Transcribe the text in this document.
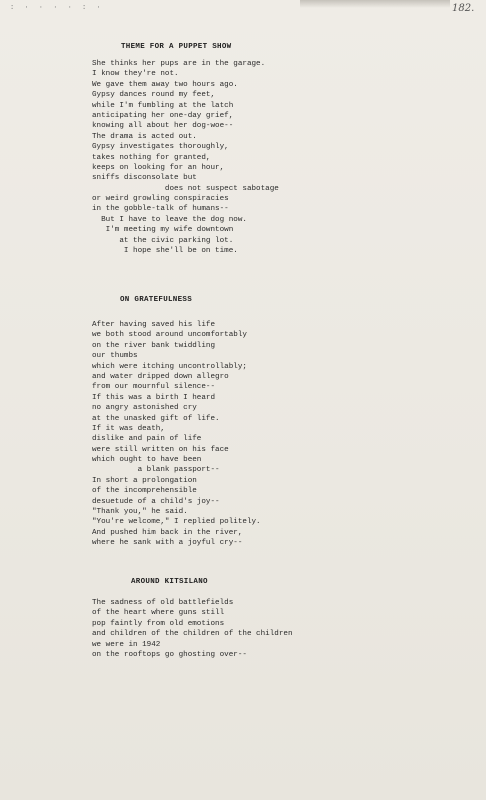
: · · · · : ·	182.
THEME FOR A PUPPET SHOW
She thinks her pups are in the garage.
I know they're not.
We gave them away two hours ago.
Gypsy dances round my feet,
while I'm fumbling at the latch
anticipating her one-day grief,
knowing all about her dog-woe--
The drama is acted out.
Gypsy investigates thoroughly,
takes nothing for granted,
keeps on looking for an hour,
sniffs disconsolate but
does not suspect sabotage
or weird growling conspiracies
in the gobble-talk of humans--
But I have to leave the dog now.
I'm meeting my wife downtown
at the civic parking lot.
I hope she'll be on time.
ON GRATEFULNESS
After having saved his life
we both stood around uncomfortably
on the river bank twiddling
our thumbs
which were itching uncontrollably;
and water dripped down allegro
from our mournful silence--
If this was a birth I heard
no angry astonished cry
at the unasked gift of life.
If it was death,
dislike and pain of life
were still written on his face
which ought to have been
a blank passport--
In short a prolongation
of the incomprehensible
desuetude of a child's joy--
"Thank you," he said.
"You're welcome," I replied politely.
And pushed him back in the river,
where he sank with a joyful cry--
AROUND KITSILANO
The sadness of old battlefields
of the heart where guns still
pop faintly from old emotions
and children of the children of the children
we were in 1942
on the rooftops go ghosting over--
